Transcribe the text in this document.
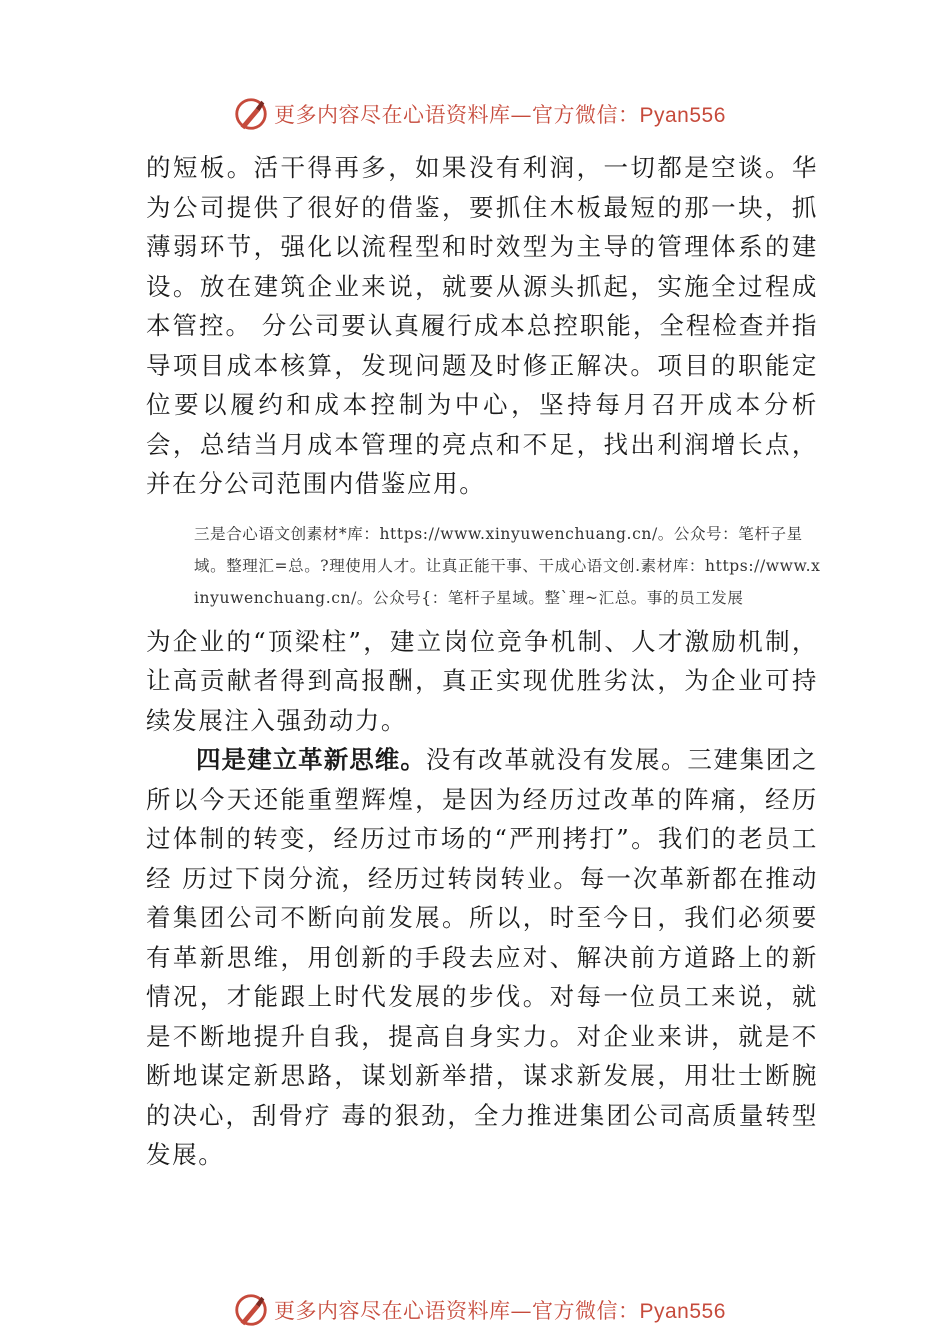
更多内容尽在心语资料库—官方微信：Pyan556

的短板。活干得再多，如果没有利润，一切都是空谈。华为公司提供了很好的借鉴，要抓住木板最短的那一块，抓薄弱环节，强化以流程型和时效型为主导的管理体系的建设。放在建筑企业来说，就要从源头抓起，实施全过程成本管控。 分公司要认真履行成本总控职能，全程检查并指导项目成本核算，发现问题及时修正解决。项目的职能定位要以履约和成本控制为中心，坚持每月召开成本分析会，总结当月成本管理的亮点和不足，找出利润增长点，并在分公司范围内借鉴应用。

三是合心语文创素材*库：https://www.xinyuwenchuang.cn/。公众号：笔杆子星域。整理汇=总。?理使用人才。让真正能干事、干成心语文创.素材库：https://www.xinyuwenchuang.cn/。公众号{：笔杆子星域。整`理~汇总。事的员工发展

为企业的“顶梁柱”，建立岗位竞争机制、人才激励机制，让高贡献者得到高报酬，真正实现优胜劣汰，为企业可持续发展注入强劲动力。

四是建立革新思维。没有改革就没有发展。三建集团之所以今天还能重塑辉煌，是因为经历过改革的阵痛，经历过体制的转变，经历过市场的“严刑拷打”。我们的老员工经 历过下岗分流，经历过转岗转业。每一次革新都在推动着集团公司不断向前发展。所以，时至今日，我们必须要有革新思维，用创新的手段去应对、解决前方道路上的新情况，才能跟上时代发展的步伐。对每一位员工来说，就是不断地提升自我，提高自身实力。对企业来讲，就是不断地谋定新思路，谋划新举措，谋求新发展，用壮士断腕的决心，刮骨疗 毒的狠劲，全力推进集团公司高质量转型发展。

更多内容尽在心语资料库—官方微信：Pyan556
